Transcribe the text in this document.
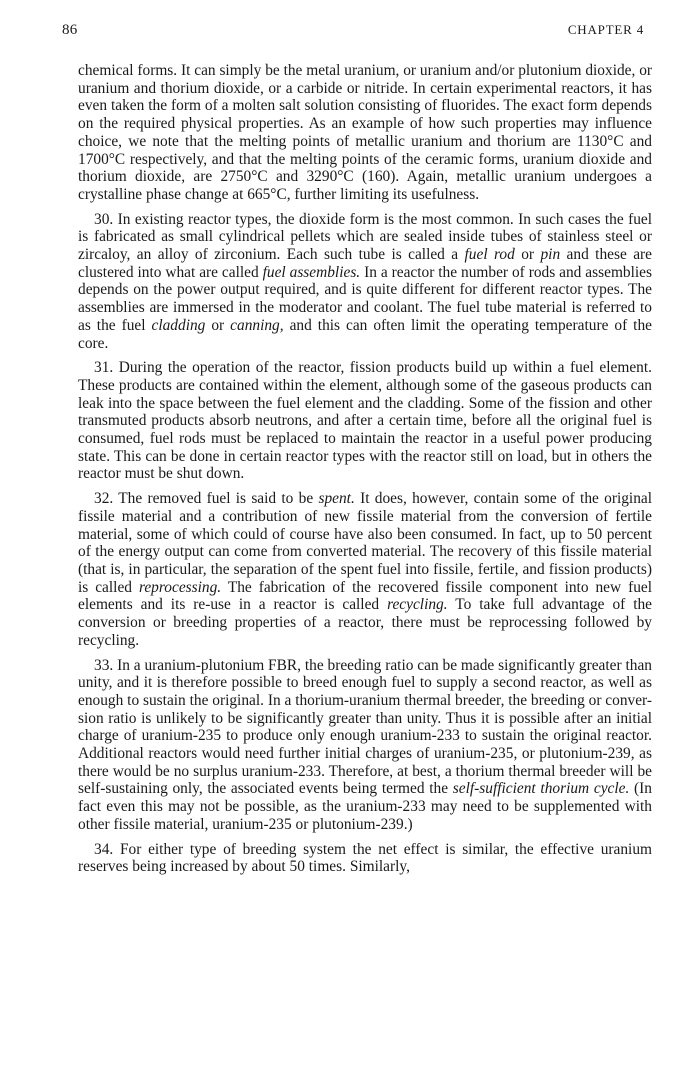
86	CHAPTER 4

chemical forms. It can simply be the metal uranium, or uranium and/or plutonium dioxide, or uranium and thorium dioxide, or a carbide or nitride. In certain experimental reactors, it has even taken the form of a molten salt solution consisting of fluorides. The exact form depends on the required physical properties. As an example of how such properties may influence choice, we note that the melting points of metallic uranium and thorium are 1130°C and 1700°C respectively, and that the melting points of the ceramic forms, uranium dioxide and thorium dioxide, are 2750°C and 3290°C (160). Again, metallic uranium undergoes a crystalline phase change at 665°C, further limiting its usefulness.

30. In existing reactor types, the dioxide form is the most common. In such cases the fuel is fabricated as small cylindrical pellets which are sealed inside tubes of stainless steel or zircaloy, an alloy of zirconium. Each such tube is called a fuel rod or pin and these are clustered into what are called fuel assemblies. In a reactor the number of rods and assemblies depends on the power output required, and is quite different for different reactor types. The assemblies are immersed in the moderator and coolant. The fuel tube material is referred to as the fuel cladding or canning, and this can often limit the operating temperature of the core.

31. During the operation of the reactor, fission products build up within a fuel element. These products are contained within the element, although some of the gaseous products can leak into the space between the fuel element and the cladding. Some of the fission and other transmuted products absorb neutrons, and after a certain time, before all the original fuel is consumed, fuel rods must be replaced to maintain the reactor in a useful power producing state. This can be done in certain reactor types with the reactor still on load, but in others the reactor must be shut down.

32. The removed fuel is said to be spent. It does, however, contain some of the original fissile material and a contribution of new fissile material from the conversion of fertile material, some of which could of course have also been consumed. In fact, up to 50 percent of the energy output can come from converted material. The recovery of this fissile material (that is, in particular, the separation of the spent fuel into fissile, fertile, and fission products) is called reprocessing. The fabrication of the recovered fissile component into new fuel elements and its re-use in a reactor is called recycling. To take full advantage of the conversion or breeding properties of a reactor, there must be reprocessing followed by recycling.

33. In a uranium-plutonium FBR, the breeding ratio can be made significantly greater than unity, and it is therefore possible to breed enough fuel to supply a second reactor, as well as enough to sustain the original. In a thorium-uranium thermal breeder, the breeding or conver-sion ratio is unlikely to be significantly greater than unity. Thus it is possible after an initial charge of uranium-235 to produce only enough uranium-233 to sustain the original reactor. Additional reactors would need further initial charges of uranium-235, or plutonium-239, as there would be no surplus uranium-233. Therefore, at best, a thorium thermal breeder will be self-sustaining only, the associated events being termed the self-sufficient thorium cycle. (In fact even this may not be possible, as the uranium-233 may need to be supplemented with other fissile material, uranium-235 or plutonium-239.)

34. For either type of breeding system the net effect is similar, the effective uranium reserves being increased by about 50 times. Similarly,
